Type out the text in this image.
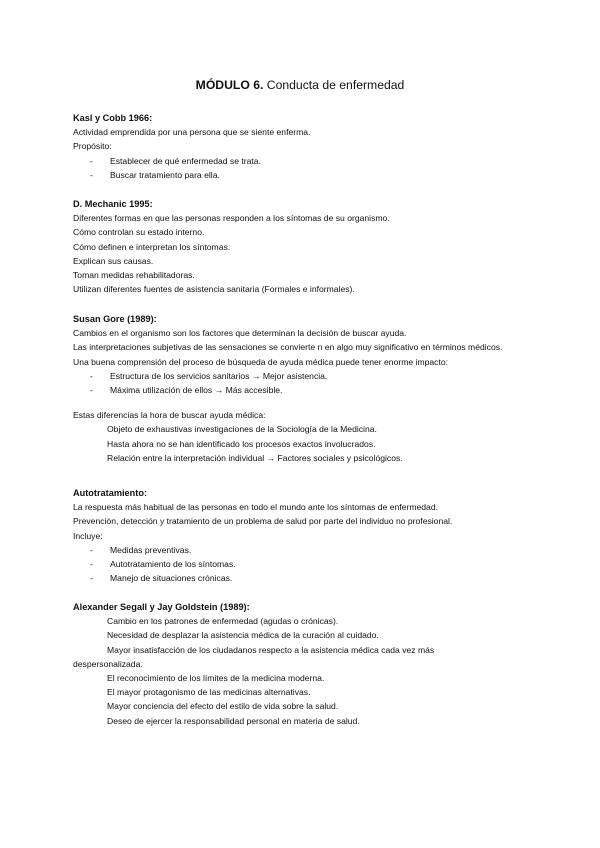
MÓDULO 6. Conducta de enfermedad
Kasl y Cobb 1966:
Actividad emprendida por una persona que se siente enferma.
Propósito:
- Establecer de qué enfermedad se trata.
- Buscar tratamiento para ella.
D. Mechanic 1995:
Diferentes formas en que las personas responden a los síntomas de su organismo.
Cómo controlan su estado interno.
Cómo definen e interpretan los síntomas.
Explican sus causas.
Toman medidas rehabilitadoras.
Utilizan diferentes fuentes de asistencia sanitaria (Formales e informales).
Susan Gore (1989):
Cambios en el organismo son los factores que determinan la decisión de buscar ayuda.
Las interpretaciones subjetivas de las sensaciones se convierte n en algo muy significativo en términos médicos.
Una buena comprensión del proceso de búsqueda de ayuda médica puede tener enorme impacto:
- Estructura de los servicios sanitarios → Mejor asistencia.
- Máxima utilización de ellos → Más accesible.
Estas diferencias la hora de buscar ayuda médica:
Objeto de exhaustivas investigaciones de la Sociología de la Medicina.
Hasta ahora no se han identificado los procesos exactos involucrados.
Relación entre la interpretación individual → Factores sociales y psicológicos.
Autotratamiento:
La respuesta más habitual de las personas en todo el mundo ante los síntomas de enfermedad.
Prevención, detección y tratamiento de un problema de salud por parte del individuo no profesional.
Incluye:
- Medidas preventivas.
- Autotratamiento de los síntomas.
- Manejo de situaciones crónicas.
Alexander Segall y Jay Goldstein (1989):
Cambio en los patrones de enfermedad (agudas o crónicas).
Necesidad de desplazar la asistencia médica de la curación al cuidado.
Mayor insatisfacción de los ciudadanos respecto a la asistencia médica cada vez más
despersonalizada.
El reconocimiento de los límites de la medicina moderna.
El mayor protagonismo de las medicinas alternativas.
Mayor conciencia del efecto del estilo de vida sobre la salud.
Deseo de ejercer la responsabilidad personal en materia de salud.
